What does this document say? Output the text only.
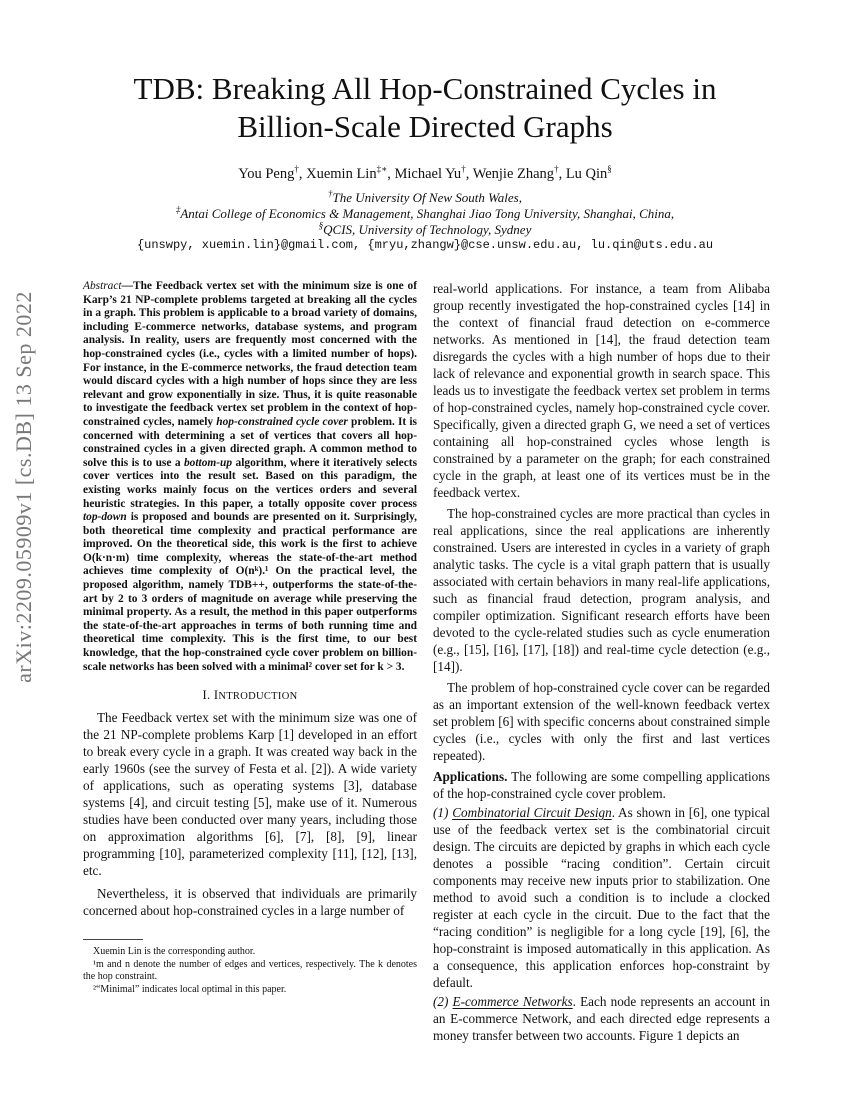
arXiv:2209.05909v1 [cs.DB] 13 Sep 2022
TDB: Breaking All Hop-Constrained Cycles in
Billion-Scale Directed Graphs
You Peng†, Xuemin Lin‡∗, Michael Yu†, Wenjie Zhang†, Lu Qin§
†The University Of New South Wales,
‡Antai College of Economics & Management, Shanghai Jiao Tong University, Shanghai, China,
§QCIS, University of Technology, Sydney
{unswpy, xuemin.lin}@gmail.com, {mryu,zhangw}@cse.unsw.edu.au, lu.qin@uts.edu.au
Abstract—The Feedback vertex set with the minimum size is one of Karp’s 21 NP-complete problems targeted at breaking all the cycles in a graph. This problem is applicable to a broad variety of domains, including E-commerce networks, database systems, and program analysis. In reality, users are frequently most concerned with the hop-constrained cycles (i.e., cycles with a limited number of hops). For instance, in the E-commerce networks, the fraud detection team would discard cycles with a high number of hops since they are less relevant and grow exponentially in size. Thus, it is quite reasonable to investigate the feedback vertex set problem in the context of hop-constrained cycles, namely hop-constrained cycle cover problem. It is concerned with determining a set of vertices that covers all hop-constrained cycles in a given directed graph. A common method to solve this is to use a bottom-up algorithm, where it iteratively selects cover vertices into the result set. Based on this paradigm, the existing works mainly focus on the vertices orders and several heuristic strategies. In this paper, a totally opposite cover process top-down is proposed and bounds are presented on it. Surprisingly, both theoretical time complexity and practical performance are improved. On the theoretical side, this work is the first to achieve O(k·n·m) time complexity, whereas the state-of-the-art method achieves time complexity of O(nᵏ).¹ On the practical level, the proposed algorithm, namely TDB++, outperforms the state-of-the-art by 2 to 3 orders of magnitude on average while preserving the minimal property. As a result, the method in this paper outperforms the state-of-the-art approaches in terms of both running time and theoretical time complexity. This is the first time, to our best knowledge, that the hop-constrained cycle cover problem on billion-scale networks has been solved with a minimal² cover set for k > 3.
I. INTRODUCTION

The Feedback vertex set with the minimum size was one of the 21 NP-complete problems Karp [1] developed in an effort to break every cycle in a graph. It was created way back in the early 1960s (see the survey of Festa et al. [2]). A wide variety of applications, such as operating systems [3], database systems [4], and circuit testing [5], make use of it. Numerous studies have been conducted over many years, including those on approximation algorithms [6], [7], [8], [9], linear programming [10], parameterized complexity [11], [12], [13], etc.

Nevertheless, it is observed that individuals are primarily concerned about hop-constrained cycles in a large number of

Xuemin Lin is the corresponding author.
¹m and n denote the number of edges and vertices, respectively. The k denotes the hop constraint.
²“Minimal” indicates local optimal in this paper.

real-world applications. For instance, a team from Alibaba group recently investigated the hop-constrained cycles [14] in the context of financial fraud detection on e-commerce networks. As mentioned in [14], the fraud detection team disregards the cycles with a high number of hops due to their lack of relevance and exponential growth in search space. This leads us to investigate the feedback vertex set problem in terms of hop-constrained cycles, namely hop-constrained cycle cover. Specifically, given a directed graph G, we need a set of vertices containing all hop-constrained cycles whose length is constrained by a parameter on the graph; for each constrained cycle in the graph, at least one of its vertices must be in the feedback vertex.

The hop-constrained cycles are more practical than cycles in real applications, since the real applications are inherently constrained. Users are interested in cycles in a variety of graph analytic tasks. The cycle is a vital graph pattern that is usually associated with certain behaviors in many real-life applications, such as financial fraud detection, program analysis, and compiler optimization. Significant research efforts have been devoted to the cycle-related studies such as cycle enumeration (e.g., [15], [16], [17], [18]) and real-time cycle detection (e.g., [14]).

The problem of hop-constrained cycle cover can be regarded as an important extension of the well-known feedback vertex set problem [6] with specific concerns about constrained simple cycles (i.e., cycles with only the first and last vertices repeated).

Applications. The following are some compelling applications of the hop-constrained cycle cover problem.

(1) Combinatorial Circuit Design. As shown in [6], one typical use of the feedback vertex set is the combinatorial circuit design. The circuits are depicted by graphs in which each cycle denotes a possible “racing condition”. Certain circuit components may receive new inputs prior to stabilization. One method to avoid such a condition is to include a clocked register at each cycle in the circuit. Due to the fact that the “racing condition” is negligible for a long cycle [19], [6], the hop-constraint is imposed automatically in this application. As a consequence, this application enforces hop-constraint by default.

(2) E-commerce Networks. Each node represents an account in an E-commerce Network, and each directed edge represents a money transfer between two accounts. Figure 1 depicts an
